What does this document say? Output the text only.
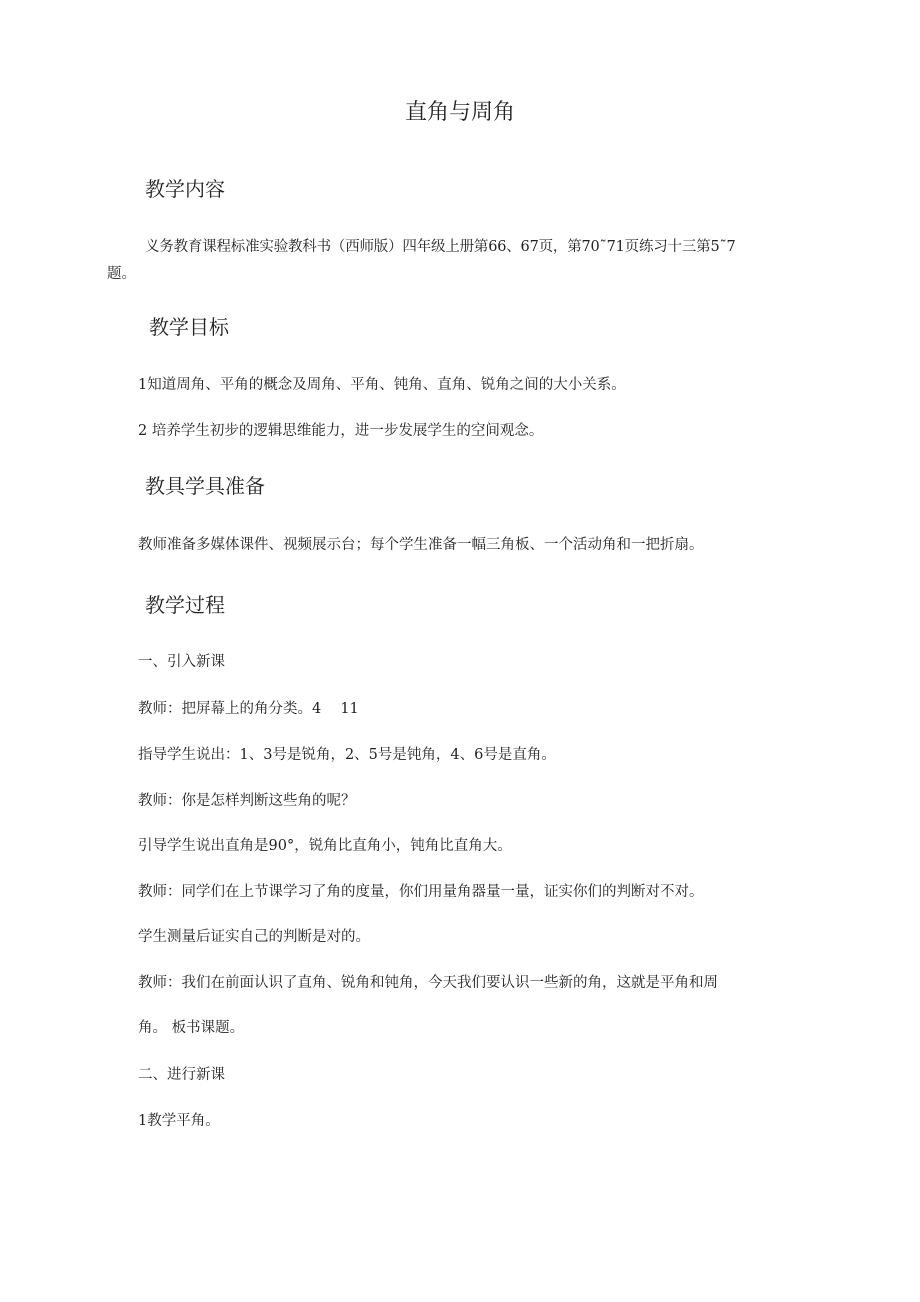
直角与周角
教学内容
义务教育课程标准实验教科书（西师版）四年级上册第66、67页，第70˜71页练习十三第5˜7
题。
教学目标
1知道周角、平角的概念及周角、平角、钝角、直角、锐角之间的大小关系。
2 培养学生初步的逻辑思维能力，进一步发展学生的空间观念。
教具学具准备
教师准备多媒体课件、视频展示台；每个学生准备一幅三角板、一个活动角和一把折扇。
教学过程
一、引入新课
教师：把屏幕上的角分类。4　 11
指导学生说出：1、3号是锐角，2、5号是钝角，4、6号是直角。
教师：你是怎样判断这些角的呢？
引导学生说出直角是90°，锐角比直角小，钝角比直角大。
教师：同学们在上节课学习了角的度量，你们用量角器量一量，证实你们的判断对不对。
学生测量后证实自己的判断是对的。
教师：我们在前面认识了直角、锐角和钝角，今天我们要认识一些新的角，这就是平角和周
角。 板书课题。
二、进行新课
1教学平角。
